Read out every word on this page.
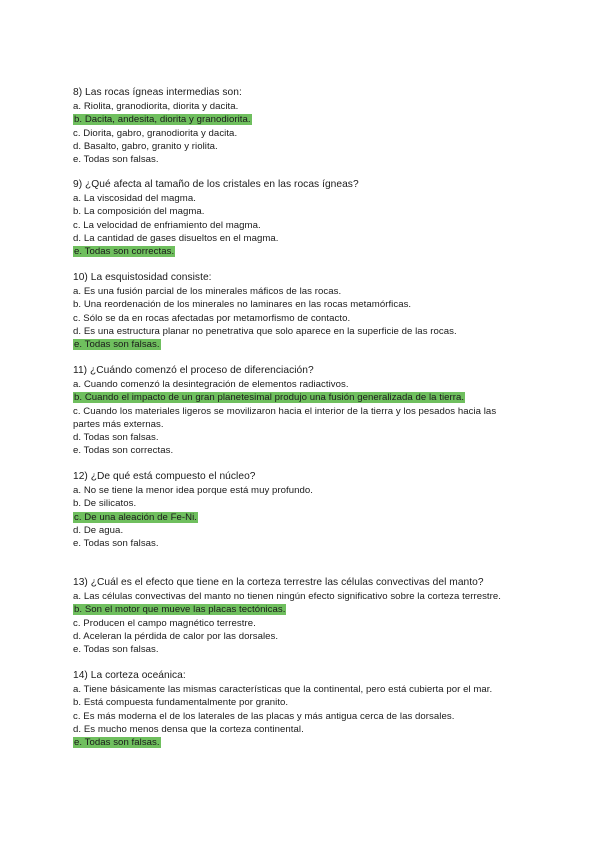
8) Las rocas ígneas intermedias son:
a. Riolita, granodiorita, diorita y dacita.
b. Dacita, andesita, diorita y granodiorita.
c. Diorita, gabro, granodiorita y dacita.
d. Basalto, gabro, granito y riolita.
e. Todas son falsas.
9) ¿Qué afecta al tamaño de los cristales en las rocas ígneas?
a. La viscosidad del magma.
b. La composición del magma.
c. La velocidad de enfriamiento del magma.
d. La cantidad de gases disueltos en el magma.
e. Todas son correctas.
10) La esquistosidad consiste:
a. Es una fusión parcial de los minerales máficos de las rocas.
b. Una reordenación de los minerales no laminares en las rocas metamórficas.
c. Sólo se da en rocas afectadas por metamorfismo de contacto.
d. Es una estructura planar no penetrativa que solo aparece en la superficie de las rocas.
e. Todas son falsas.
11) ¿Cuándo comenzó el proceso de diferenciación?
a. Cuando comenzó la desintegración de elementos radiactivos.
b. Cuando el impacto de un gran planetesimal produjo una fusión generalizada de la tierra.
c. Cuando los materiales ligeros se movilizaron hacia el interior de la tierra y los pesados hacia las partes más externas.
d. Todas son falsas.
e. Todas son correctas.
12) ¿De qué está compuesto el núcleo?
a. No se tiene la menor idea porque está muy profundo.
b. De silicatos.
c. De una aleación de Fe-Ni.
d. De agua.
e. Todas son falsas.
13) ¿Cuál es el efecto que tiene en la corteza terrestre las células convectivas del manto?
a. Las células convectivas del manto no tienen ningún efecto significativo sobre la corteza terrestre.
b. Son el motor que mueve las placas tectónicas.
c. Producen el campo magnético terrestre.
d. Aceleran la pérdida de calor por las dorsales.
e. Todas son falsas.
14) La corteza oceánica:
a. Tiene básicamente las mismas características que la continental, pero está cubierta por el mar.
b. Está compuesta fundamentalmente por granito.
c. Es más moderna el de los laterales de las placas y más antigua cerca de las dorsales.
d. Es mucho menos densa que la corteza continental.
e. Todas son falsas.
